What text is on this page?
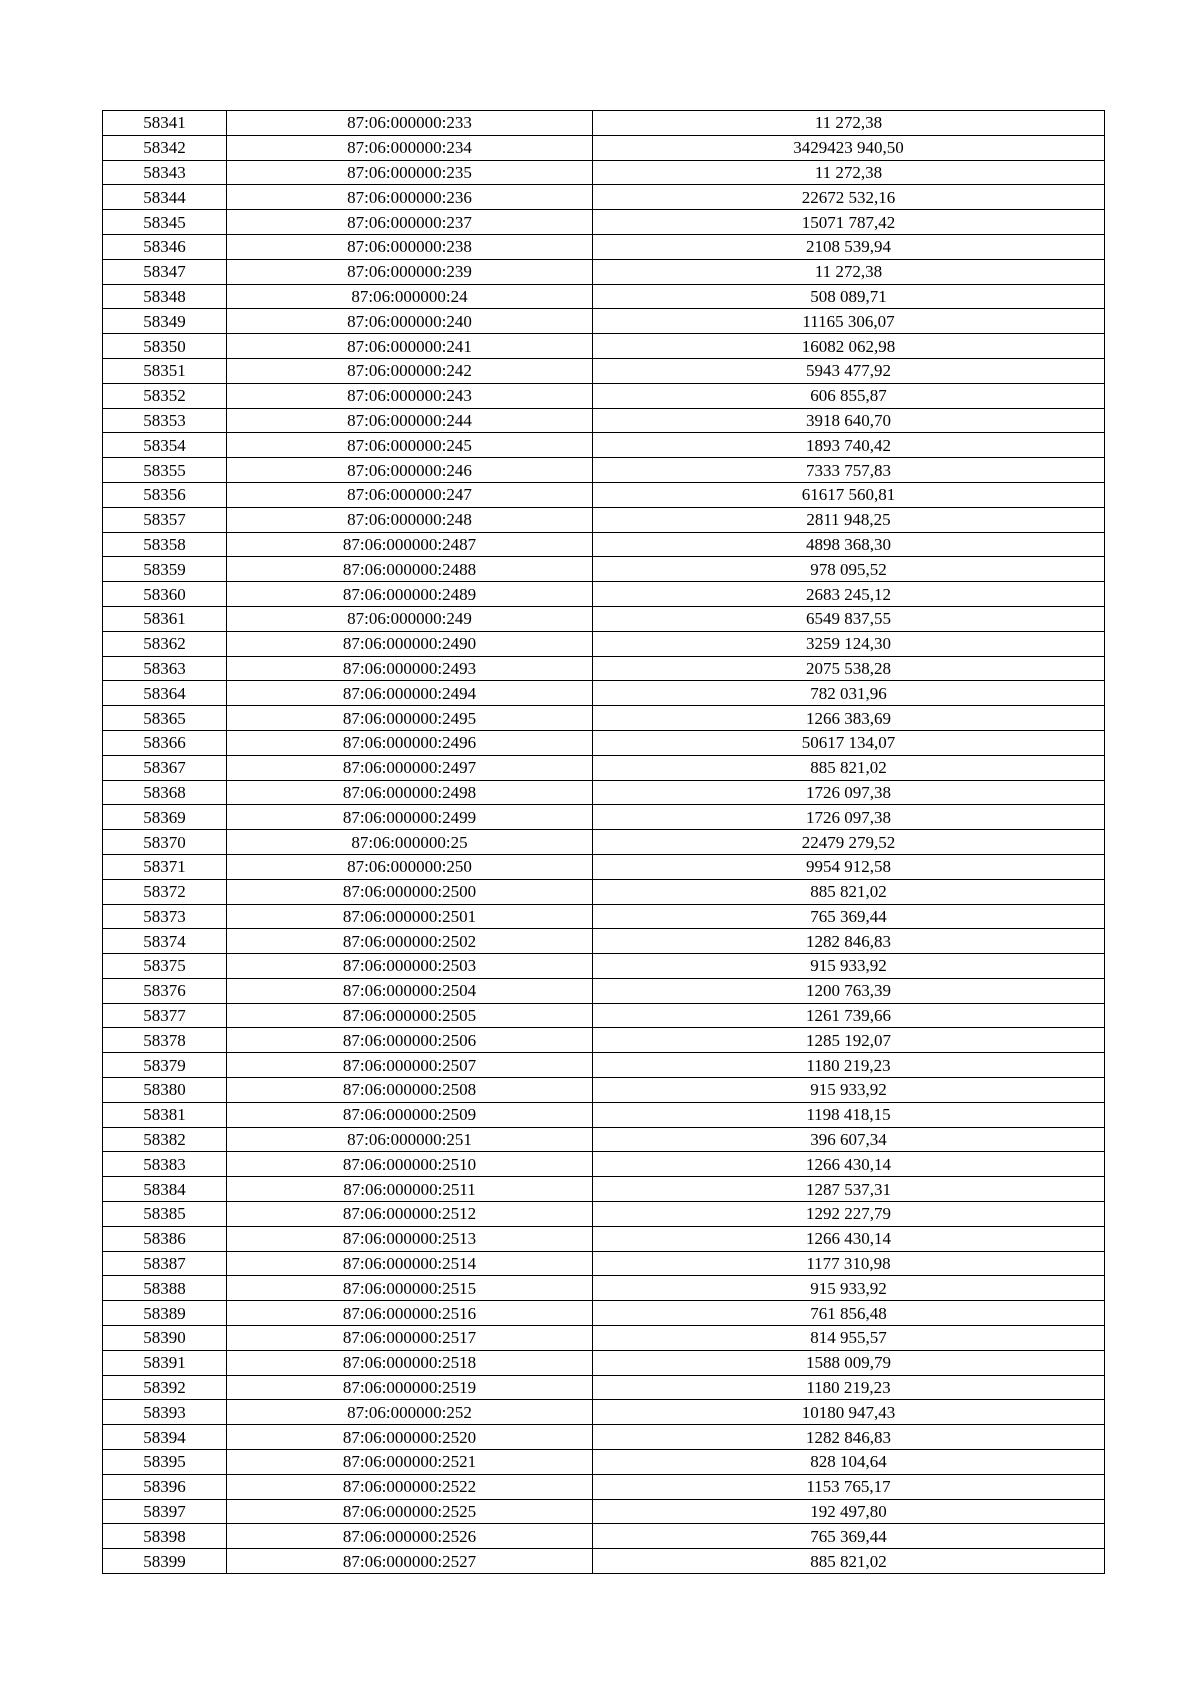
58341	87:06:000000:233	11 272,38
58342	87:06:000000:234	3429423 940,50
58343	87:06:000000:235	11 272,38
58344	87:06:000000:236	22672 532,16
58345	87:06:000000:237	15071 787,42
58346	87:06:000000:238	2108 539,94
58347	87:06:000000:239	11 272,38
58348	87:06:000000:24	508 089,71
58349	87:06:000000:240	11165 306,07
58350	87:06:000000:241	16082 062,98
58351	87:06:000000:242	5943 477,92
58352	87:06:000000:243	606 855,87
58353	87:06:000000:244	3918 640,70
58354	87:06:000000:245	1893 740,42
58355	87:06:000000:246	7333 757,83
58356	87:06:000000:247	61617 560,81
58357	87:06:000000:248	2811 948,25
58358	87:06:000000:2487	4898 368,30
58359	87:06:000000:2488	978 095,52
58360	87:06:000000:2489	2683 245,12
58361	87:06:000000:249	6549 837,55
58362	87:06:000000:2490	3259 124,30
58363	87:06:000000:2493	2075 538,28
58364	87:06:000000:2494	782 031,96
58365	87:06:000000:2495	1266 383,69
58366	87:06:000000:2496	50617 134,07
58367	87:06:000000:2497	885 821,02
58368	87:06:000000:2498	1726 097,38
58369	87:06:000000:2499	1726 097,38
58370	87:06:000000:25	22479 279,52
58371	87:06:000000:250	9954 912,58
58372	87:06:000000:2500	885 821,02
58373	87:06:000000:2501	765 369,44
58374	87:06:000000:2502	1282 846,83
58375	87:06:000000:2503	915 933,92
58376	87:06:000000:2504	1200 763,39
58377	87:06:000000:2505	1261 739,66
58378	87:06:000000:2506	1285 192,07
58379	87:06:000000:2507	1180 219,23
58380	87:06:000000:2508	915 933,92
58381	87:06:000000:2509	1198 418,15
58382	87:06:000000:251	396 607,34
58383	87:06:000000:2510	1266 430,14
58384	87:06:000000:2511	1287 537,31
58385	87:06:000000:2512	1292 227,79
58386	87:06:000000:2513	1266 430,14
58387	87:06:000000:2514	1177 310,98
58388	87:06:000000:2515	915 933,92
58389	87:06:000000:2516	761 856,48
58390	87:06:000000:2517	814 955,57
58391	87:06:000000:2518	1588 009,79
58392	87:06:000000:2519	1180 219,23
58393	87:06:000000:252	10180 947,43
58394	87:06:000000:2520	1282 846,83
58395	87:06:000000:2521	828 104,64
58396	87:06:000000:2522	1153 765,17
58397	87:06:000000:2525	192 497,80
58398	87:06:000000:2526	765 369,44
58399	87:06:000000:2527	885 821,02
